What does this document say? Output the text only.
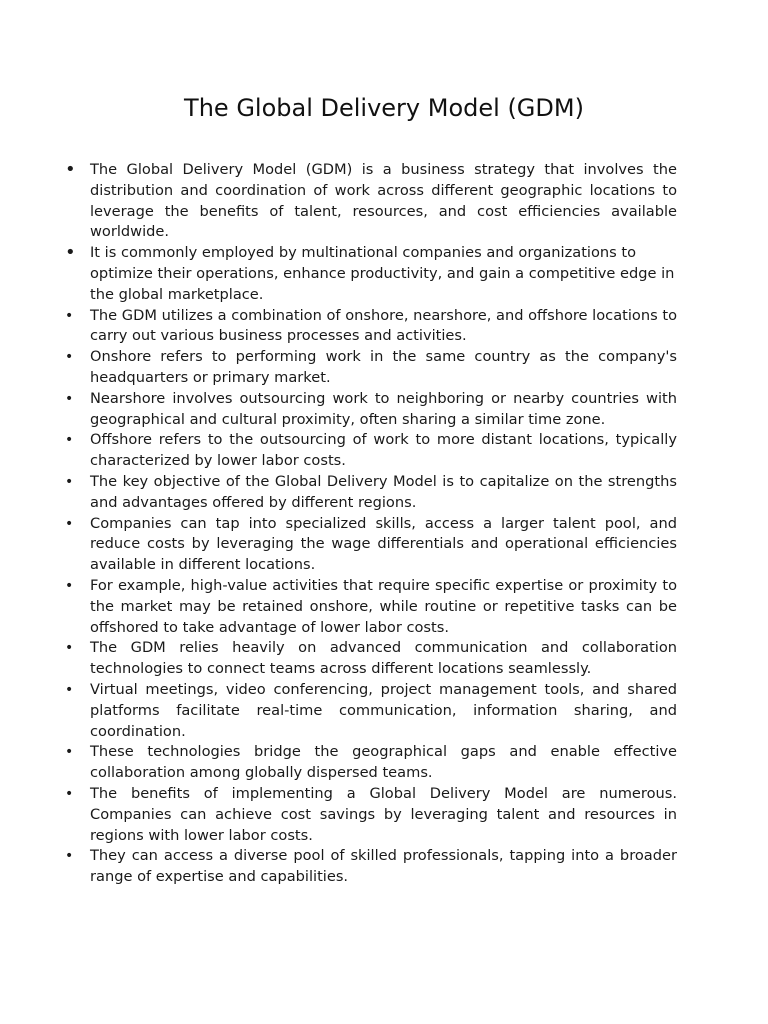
The Global Delivery Model (GDM)
• The Global Delivery Model (GDM) is a business strategy that involves the distribution and coordination of work across different geographic locations to leverage the benefits of talent, resources, and cost efficiencies available worldwide.
• It is commonly employed by multinational companies and organizations to optimize their operations, enhance productivity, and gain a competitive edge in the global marketplace.
• The GDM utilizes a combination of onshore, nearshore, and offshore locations to carry out various business processes and activities.
• Onshore refers to performing work in the same country as the company's headquarters or primary market.
• Nearshore involves outsourcing work to neighboring or nearby countries with geographical and cultural proximity, often sharing a similar time zone.
• Offshore refers to the outsourcing of work to more distant locations, typically characterized by lower labor costs.
• The key objective of the Global Delivery Model is to capitalize on the strengths and advantages offered by different regions.
• Companies can tap into specialized skills, access a larger talent pool, and reduce costs by leveraging the wage differentials and operational efficiencies available in different locations.
• For example, high-value activities that require specific expertise or proximity to the market may be retained onshore, while routine or repetitive tasks can be offshored to take advantage of lower labor costs.
• The GDM relies heavily on advanced communication and collaboration technologies to connect teams across different locations seamlessly.
• Virtual meetings, video conferencing, project management tools, and shared platforms facilitate real-time communication, information sharing, and coordination.
• These technologies bridge the geographical gaps and enable effective collaboration among globally dispersed teams.
• The benefits of implementing a Global Delivery Model are numerous. Companies can achieve cost savings by leveraging talent and resources in regions with lower labor costs.
• They can access a diverse pool of skilled professionals, tapping into a broader range of expertise and capabilities.
